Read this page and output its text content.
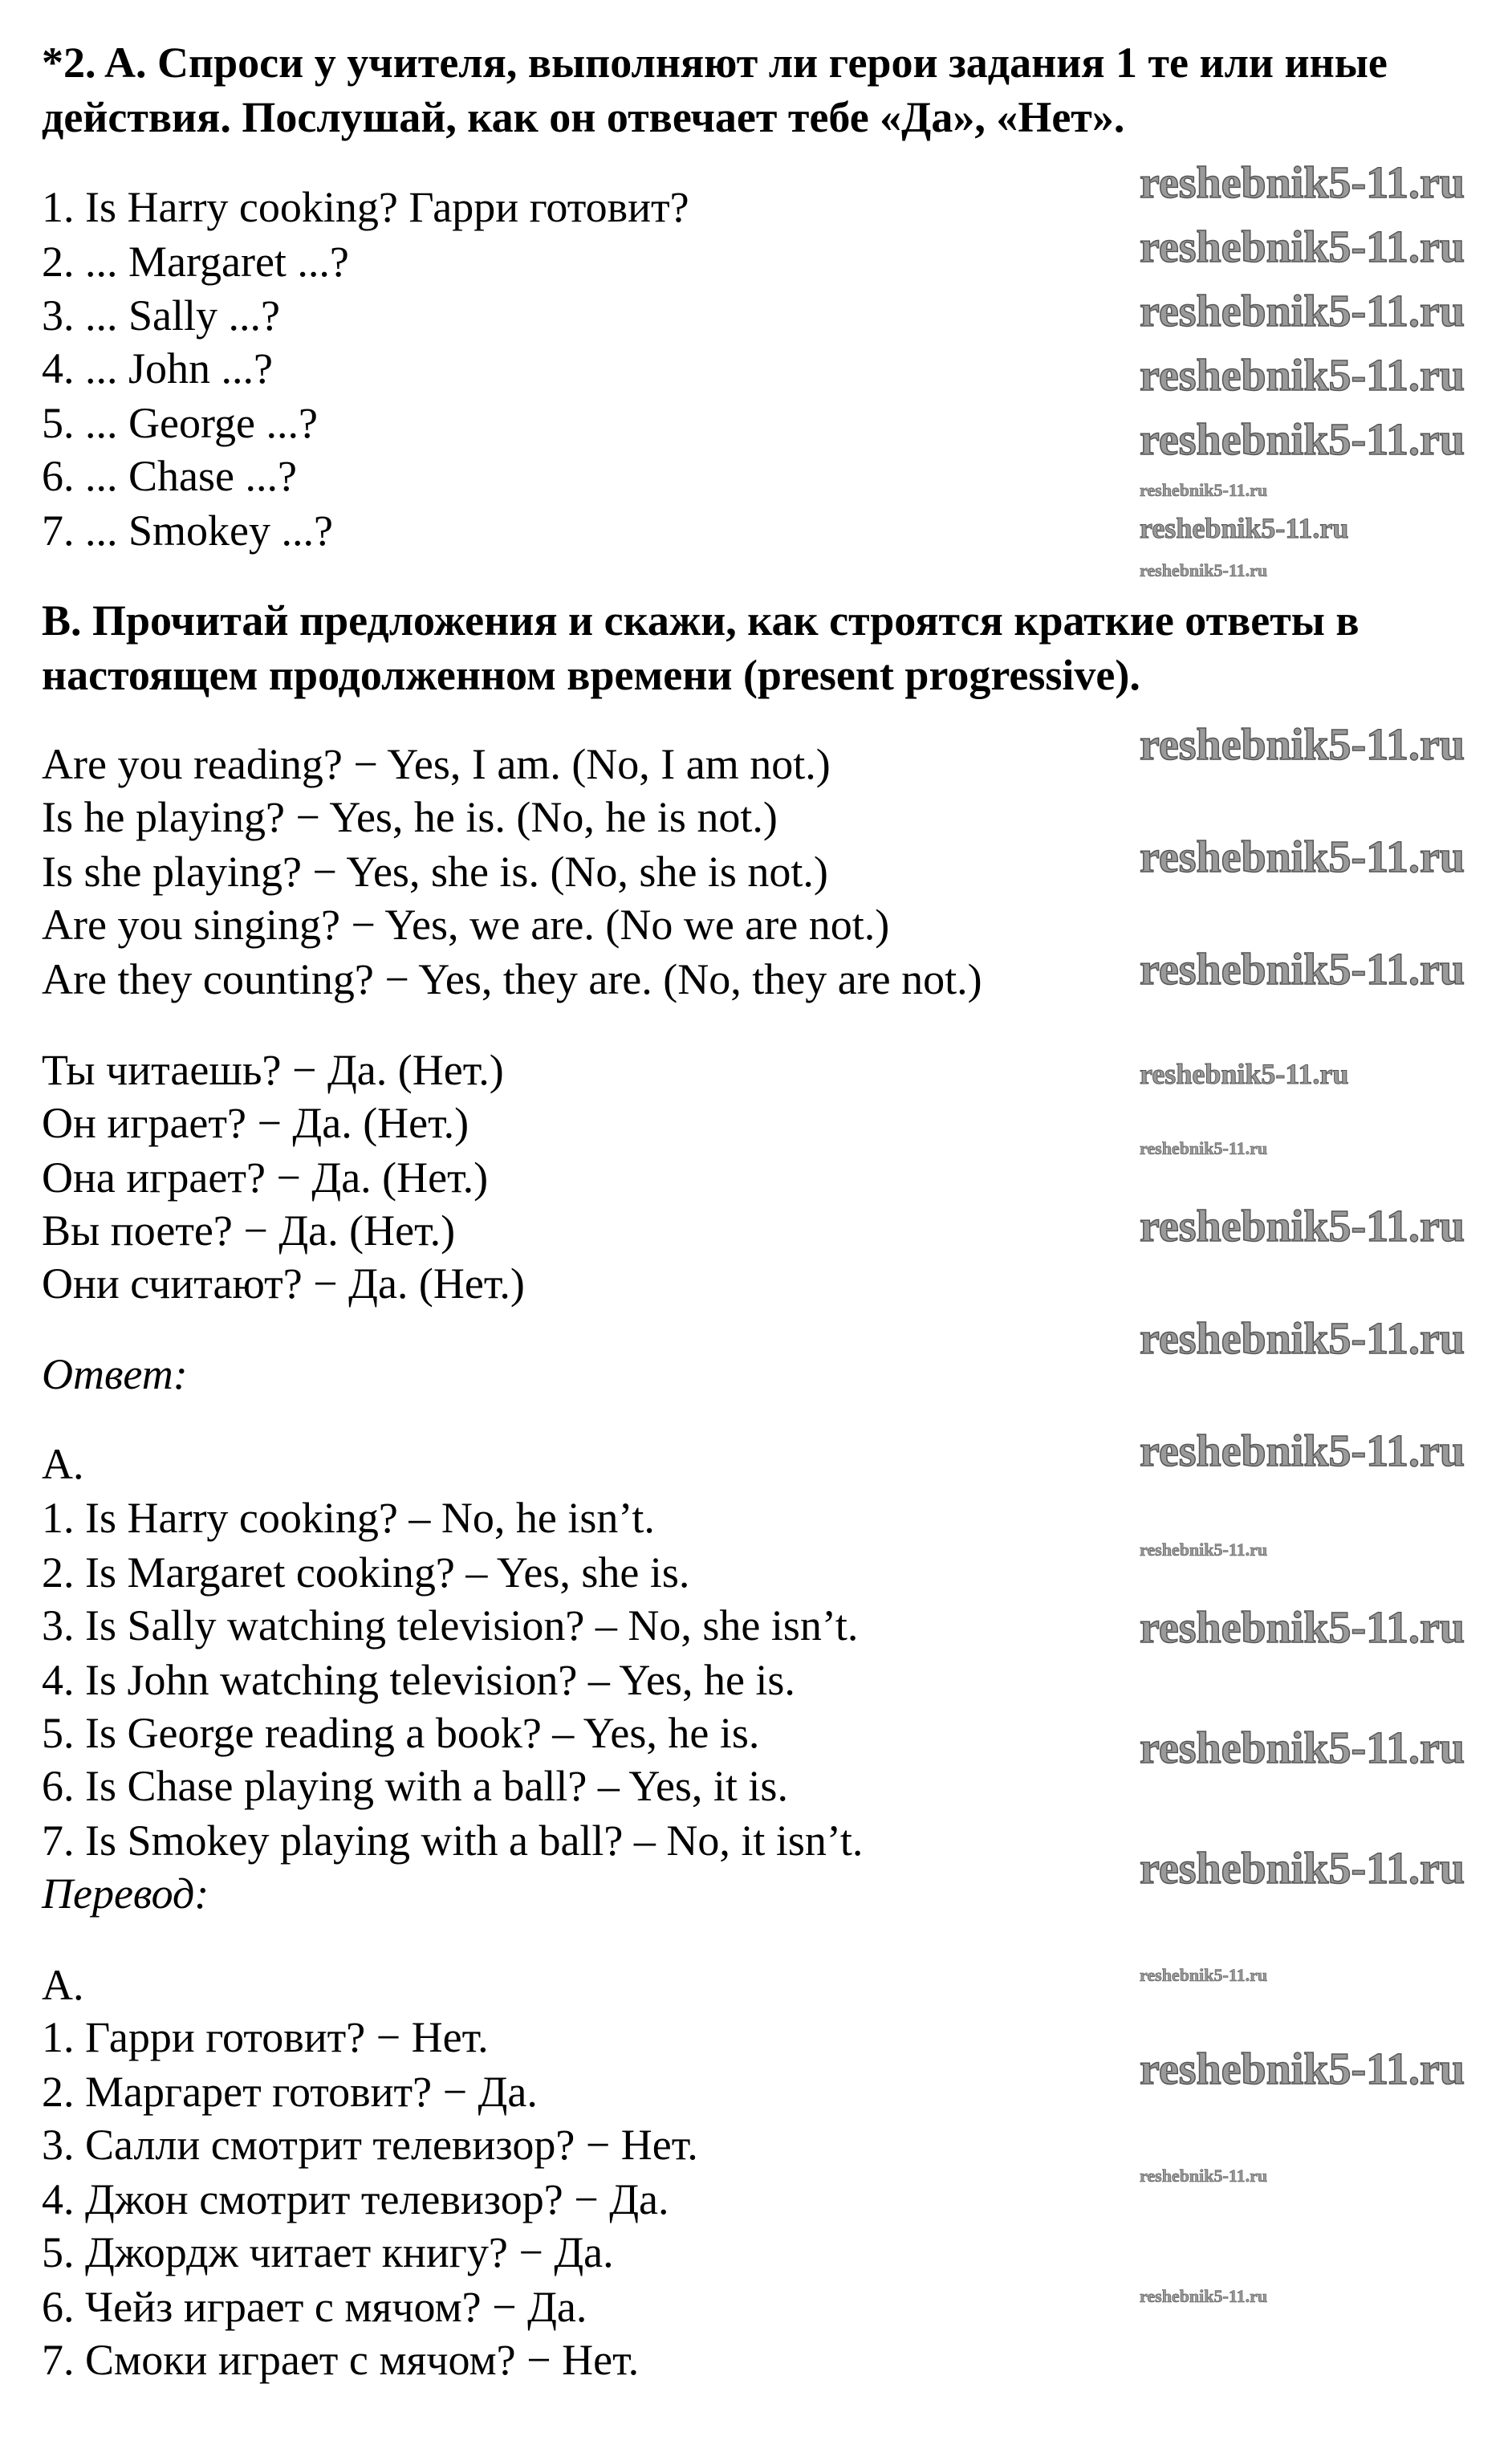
*2. A. Спроси у учителя, выполняют ли герои задания 1 те или иные
действия. Послушай, как он отвечает тебе «Да», «Нет».
1. Is Harry cooking? Гарри готовит?
2. ... Margaret ...?
3. ... Sally ...?
4. ... John ...?
5. ... George ...?
6. ... Chase ...?
7. ... Smokey ...?
B. Прочитай предложения и скажи, как строятся краткие ответы в
настоящем продолженном времени (present progressive).
Are you reading? − Yes, I am. (No, I am not.)
Is he playing? − Yes, he is. (No, he is not.)
Is she playing? − Yes, she is. (No, she is not.)
Are you singing? − Yes, we are. (No we are not.)
Are they counting? − Yes, they are. (No, they are not.)
Ты читаешь? − Да. (Нет.)
Он играет? − Да. (Нет.)
Она играет? − Да. (Нет.)
Вы поете? − Да. (Нет.)
Они считают? − Да. (Нет.)
Ответ:
A.
1. Is Harry cooking? – No, he isn’t.
2. Is Margaret cooking? – Yes, she is.
3. Is Sally watching television? – No, she isn’t.
4. Is John watching television? – Yes, he is.
5. Is George reading a book? – Yes, he is.
6. Is Chase playing with a ball? – Yes, it is.
7. Is Smokey playing with a ball? – No, it isn’t.
Перевод:
A.
1. Гарри готовит? − Нет.
2. Маргарет готовит? − Да.
3. Салли смотрит телевизор? − Нет.
4. Джон смотрит телевизор? − Да.
5. Джордж читает книгу? − Да.
6. Чейз играет с мячом? − Да.
7. Смоки играет с мячом? − Нет.
reshebnik5-11.ru
reshebnik5-11.ru
reshebnik5-11.ru
reshebnik5-11.ru
reshebnik5-11.ru
reshebnik5-11.ru
reshebnik5-11.ru
reshebnik5-11.ru
reshebnik5-11.ru
reshebnik5-11.ru
reshebnik5-11.ru
reshebnik5-11.ru
reshebnik5-11.ru
reshebnik5-11.ru
reshebnik5-11.ru
reshebnik5-11.ru
reshebnik5-11.ru
reshebnik5-11.ru
reshebnik5-11.ru
reshebnik5-11.ru
reshebnik5-11.ru
reshebnik5-11.ru
reshebnik5-11.ru
reshebnik5-11.ru
